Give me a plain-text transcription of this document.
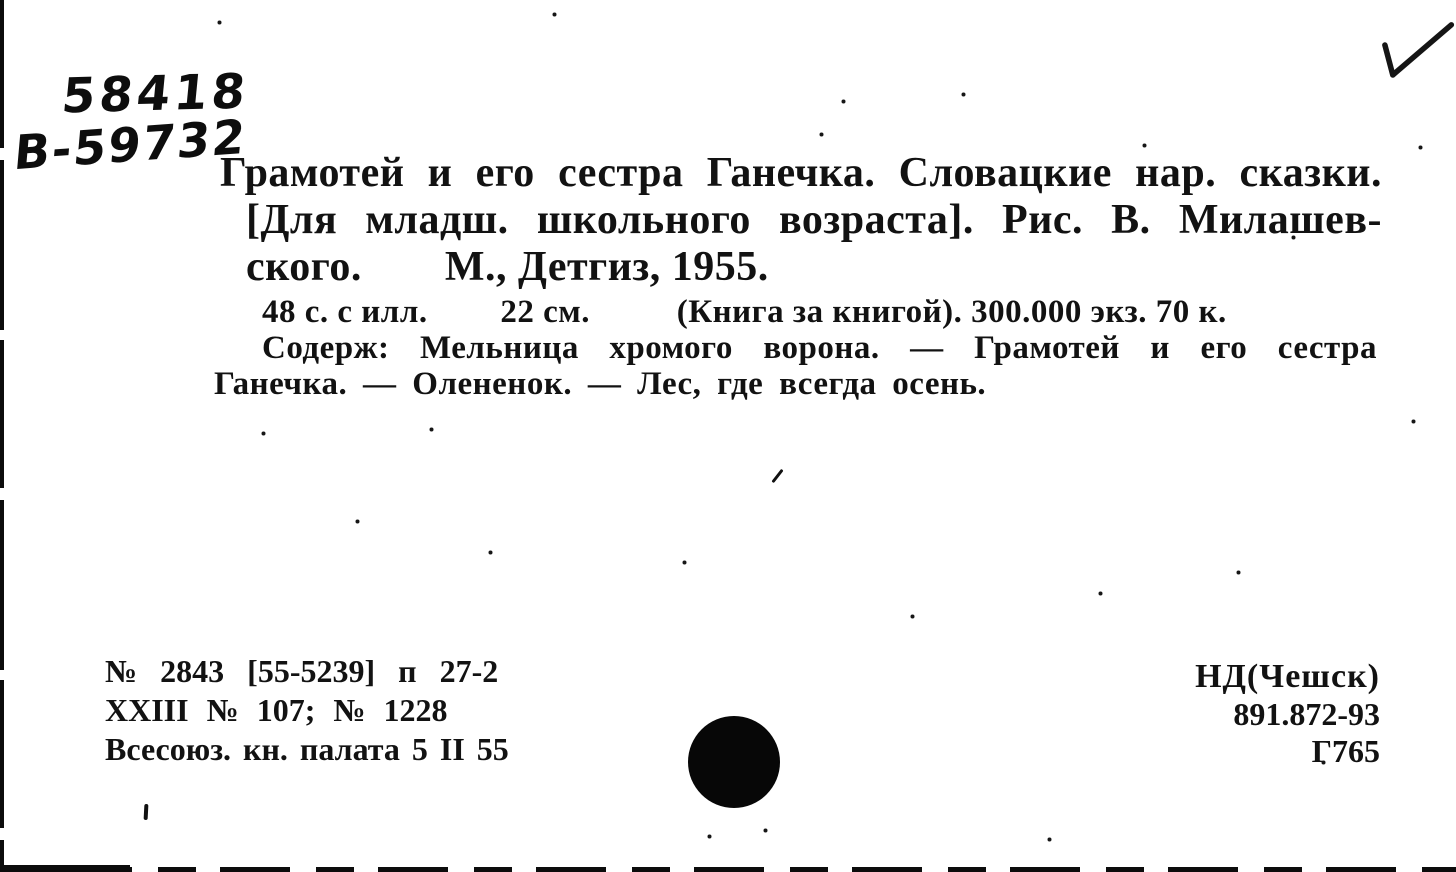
58418
В-59732
Грамотей и его сестра Ганечка. Словацкие нар. сказки.
[Для младш. школьного возраста]. Рис. В. Милашев-
ского. М., Детгиз, 1955.
48 с. с илл. 22 см.	(Книга за книгой). 300.000 экз. 70 к.
Содерж: Мельница хромого ворона. — Грамотей и его сестра
Ганечка. — Олененок. — Лес, где всегда осень.
№ 2843 [55-5239] п 27-2
XXIII № 107; № 1228
Всесоюз. кн. палата 5 II 55
НД(Чешск)
891.872-93
Г765
